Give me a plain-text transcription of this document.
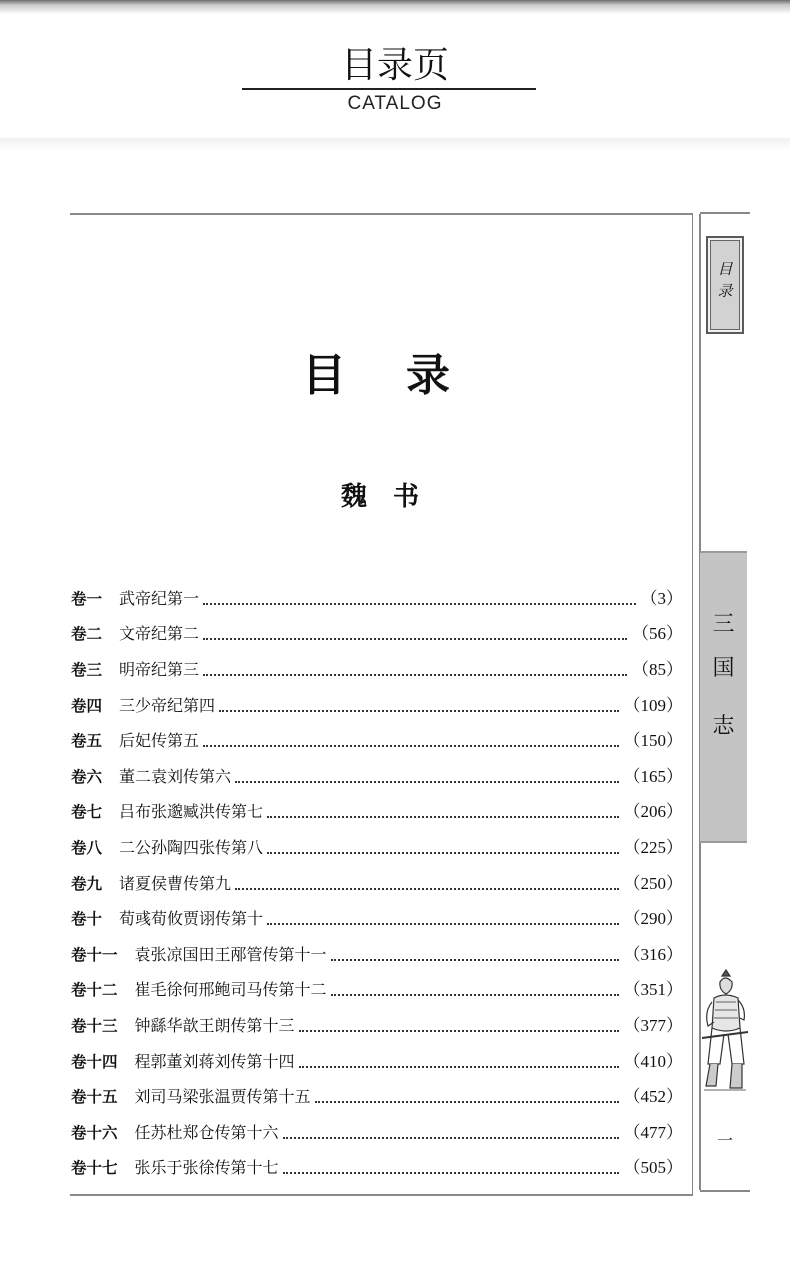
目录页
CATALOG
目　录
魏　书
卷一	武帝纪第一	（3）
卷二	文帝纪第二	（56）
卷三	明帝纪第三	（85）
卷四	三少帝纪第四	（109）
卷五	后妃传第五	（150）
卷六	董二袁刘传第六	（165）
卷七	吕布张邈臧洪传第七	（206）
卷八	二公孙陶四张传第八	（225）
卷九	诸夏侯曹传第九	（250）
卷十	荀彧荀攸贾诩传第十	（290）
卷十一	袁张凉国田王邴管传第十一	（316）
卷十二	崔毛徐何邢鲍司马传第十二	（351）
卷十三	钟繇华歆王朗传第十三	（377）
卷十四	程郭董刘蒋刘传第十四	（410）
卷十五	刘司马梁张温贾传第十五	（452）
卷十六	任苏杜郑仓传第十六	（477）
卷十七	张乐于张徐传第十七	（505）
目
录
三
国
志
一
